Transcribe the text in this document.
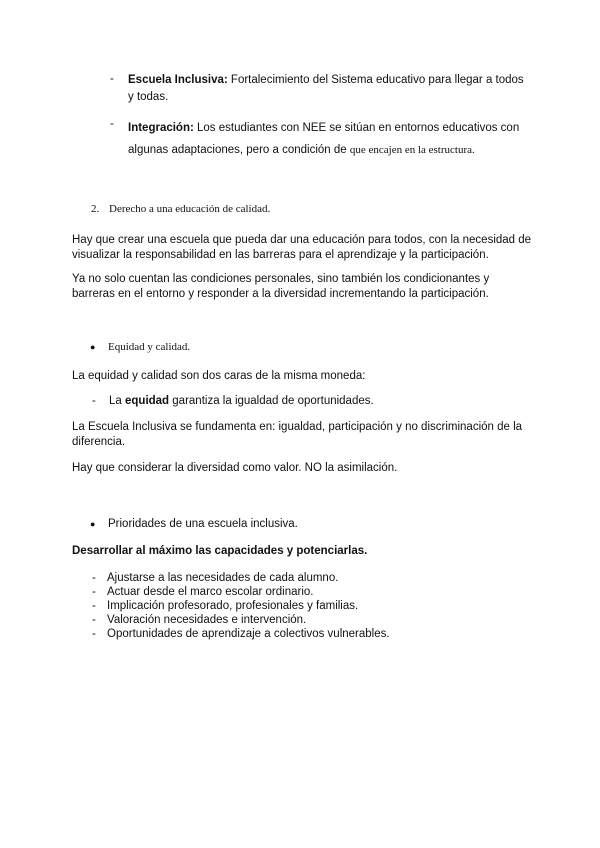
- Escuela Inclusiva: Fortalecimiento del Sistema educativo para llegar a todos y todas.
- Integración: Los estudiantes con NEE se sitúan en entornos educativos con algunas adaptaciones, pero a condición de que encajen en la estructura.
2. Derecho a una educación de calidad.
Hay que crear una escuela que pueda dar una educación para todos, con la necesidad de visualizar la responsabilidad en las barreras para el aprendizaje y la participación.
Ya no solo cuentan las condiciones personales, sino también los condicionantes y barreras en el entorno y responder a la diversidad incrementando la participación.
● Equidad y calidad.
La equidad y calidad son dos caras de la misma moneda:
- La equidad garantiza la igualdad de oportunidades.
La Escuela Inclusiva se fundamenta en: igualdad, participación y no discriminación de la diferencia.
Hay que considerar la diversidad como valor. NO la asimilación.
● Prioridades de una escuela inclusiva.
Desarrollar al máximo las capacidades y potenciarlas.
- Ajustarse a las necesidades de cada alumno.
- Actuar desde el marco escolar ordinario.
- Implicación profesorado, profesionales y familias.
- Valoración necesidades e intervención.
- Oportunidades de aprendizaje a colectivos vulnerables.
